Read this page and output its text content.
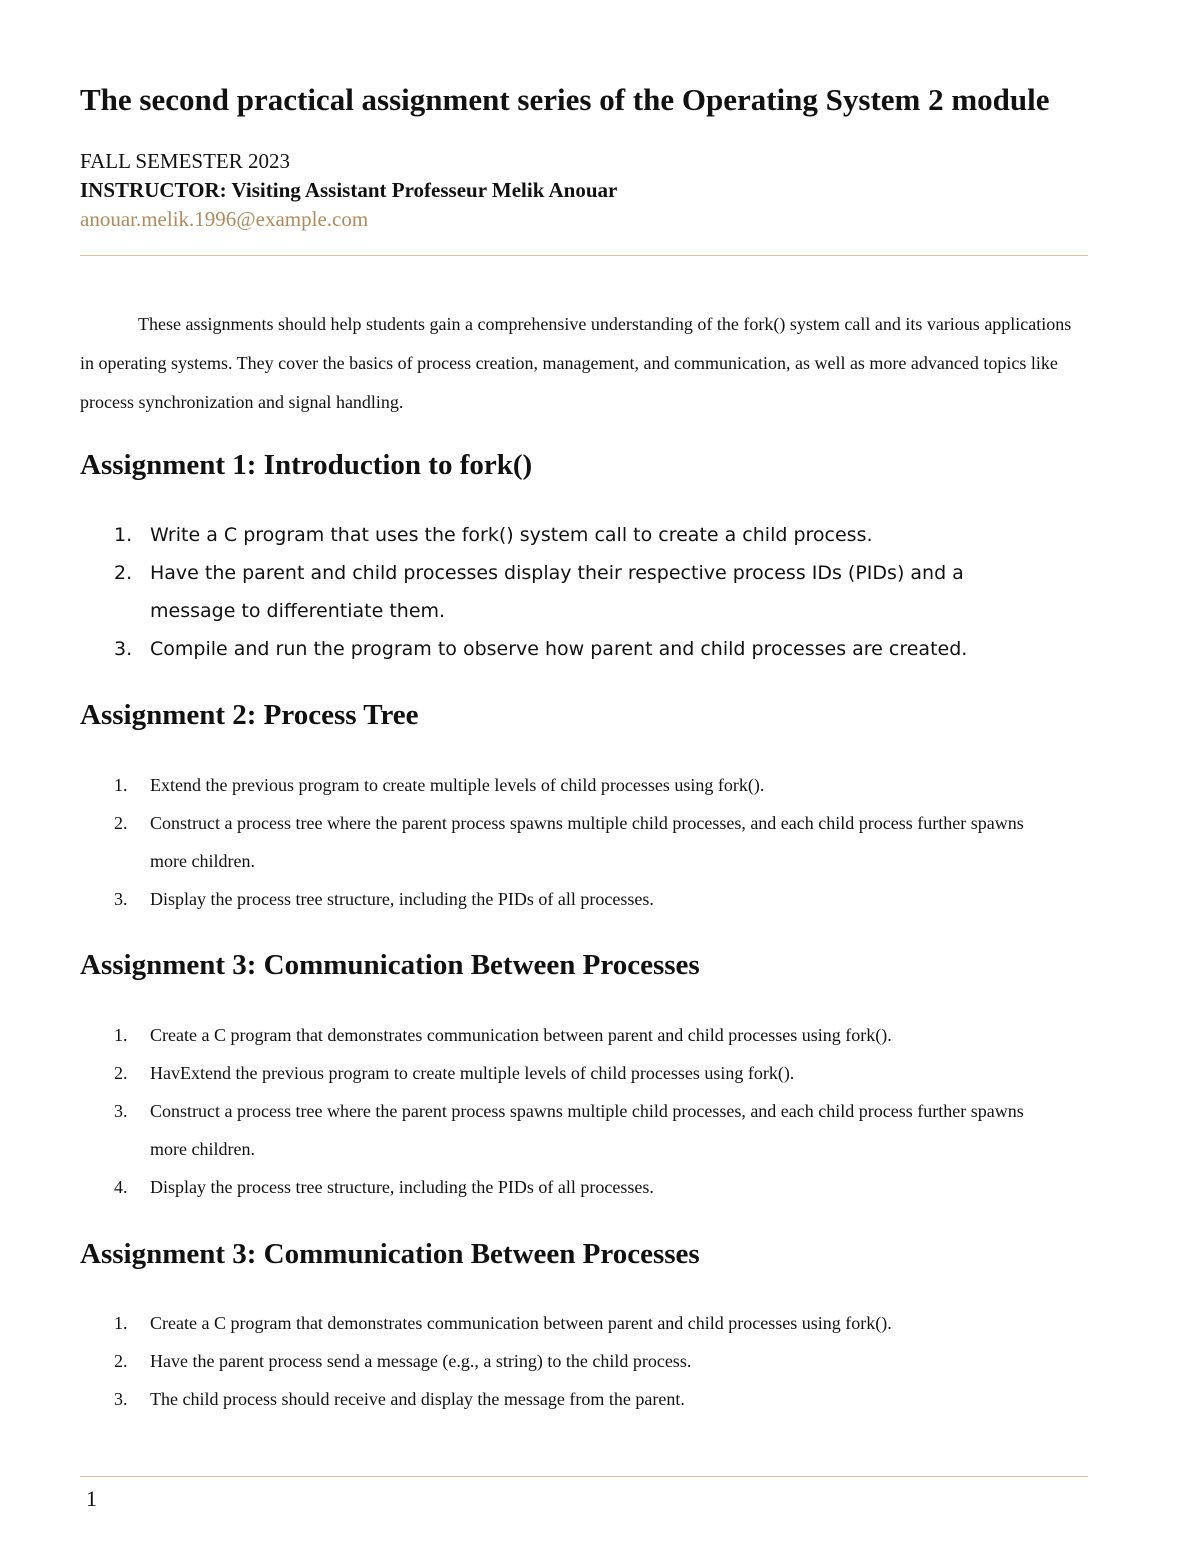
The second practical assignment series of the Operating System 2 module

FALL SEMESTER 2023

INSTRUCTOR: Visiting Assistant Professeur Melik Anouar

anouar.melik.1996@example.com

These assignments should help students gain a comprehensive understanding of the fork() system call and its various applications in operating systems. They cover the basics of process creation, management, and communication, as well as more advanced topics like process synchronization and signal handling.

Assignment 1: Introduction to fork()
1. Write a C program that uses the fork() system call to create a child process.
2. Have the parent and child processes display their respective process IDs (PIDs) and a message to differentiate them.
3. Compile and run the program to observe how parent and child processes are created.
Assignment 2: Process Tree
1. Extend the previous program to create multiple levels of child processes using fork().
2. Construct a process tree where the parent process spawns multiple child processes, and each child process further spawns more children.
3. Display the process tree structure, including the PIDs of all processes.
Assignment 3: Communication Between Processes
1. Create a C program that demonstrates communication between parent and child processes using fork().
2. HavExtend the previous program to create multiple levels of child processes using fork().
3. Construct a process tree where the parent process spawns multiple child processes, and each child process further spawns more children.
4. Display the process tree structure, including the PIDs of all processes.
Assignment 3: Communication Between Processes
1. Create a C program that demonstrates communication between parent and child processes using fork().
2. Have the parent process send a message (e.g., a string) to the child process.
3. The child process should receive and display the message from the parent.

1
